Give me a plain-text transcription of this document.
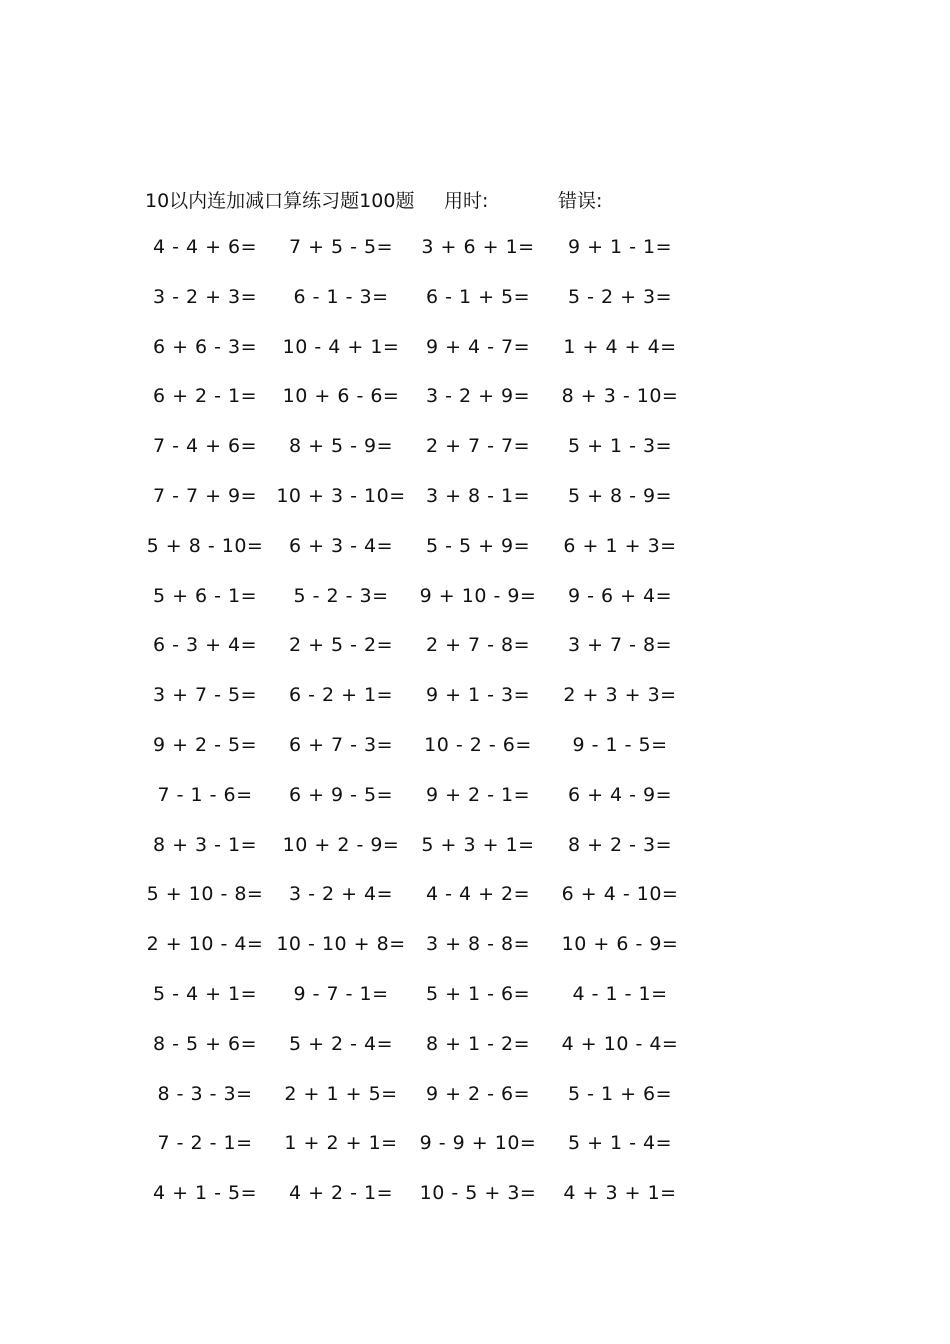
10以内连加减口算练习题100题 用时:	错误:
4 - 4 + 6=	7 + 5 - 5=	3 + 6 + 1=	9 + 1 - 1=
3 - 2 + 3=	6 - 1 - 3=	6 - 1 + 5=	5 - 2 + 3=
6 + 6 - 3=	10 - 4 + 1=	9 + 4 - 7=	1 + 4 + 4=
6 + 2 - 1=	10 + 6 - 6=	3 - 2 + 9=	8 + 3 - 10=
7 - 4 + 6=	8 + 5 - 9=	2 + 7 - 7=	5 + 1 - 3=
7 - 7 + 9=	10 + 3 - 10=	3 + 8 - 1=	5 + 8 - 9=
5 + 8 - 10=	6 + 3 - 4=	5 - 5 + 9=	6 + 1 + 3=
5 + 6 - 1=	5 - 2 - 3=	9 + 10 - 9=	9 - 6 + 4=
6 - 3 + 4=	2 + 5 - 2=	2 + 7 - 8=	3 + 7 - 8=
3 + 7 - 5=	6 - 2 + 1=	9 + 1 - 3=	2 + 3 + 3=
9 + 2 - 5=	6 + 7 - 3=	10 - 2 - 6=	9 - 1 - 5=
7 - 1 - 6=	6 + 9 - 5=	9 + 2 - 1=	6 + 4 - 9=
8 + 3 - 1=	10 + 2 - 9=	5 + 3 + 1=	8 + 2 - 3=
5 + 10 - 8=	3 - 2 + 4=	4 - 4 + 2=	6 + 4 - 10=
2 + 10 - 4= 10 - 10 + 8=	3 + 8 - 8=	10 + 6 - 9=
5 - 4 + 1=	9 - 7 - 1=	5 + 1 - 6=	4 - 1 - 1=
8 - 5 + 6=	5 + 2 - 4=	8 + 1 - 2=	4 + 10 - 4=
8 - 3 - 3=	2 + 1 + 5=	9 + 2 - 6=	5 - 1 + 6=
7 - 2 - 1=	1 + 2 + 1=	9 - 9 + 10=	5 + 1 - 4=
4 + 1 - 5=	4 + 2 - 1=	10 - 5 + 3=	4 + 3 + 1=
